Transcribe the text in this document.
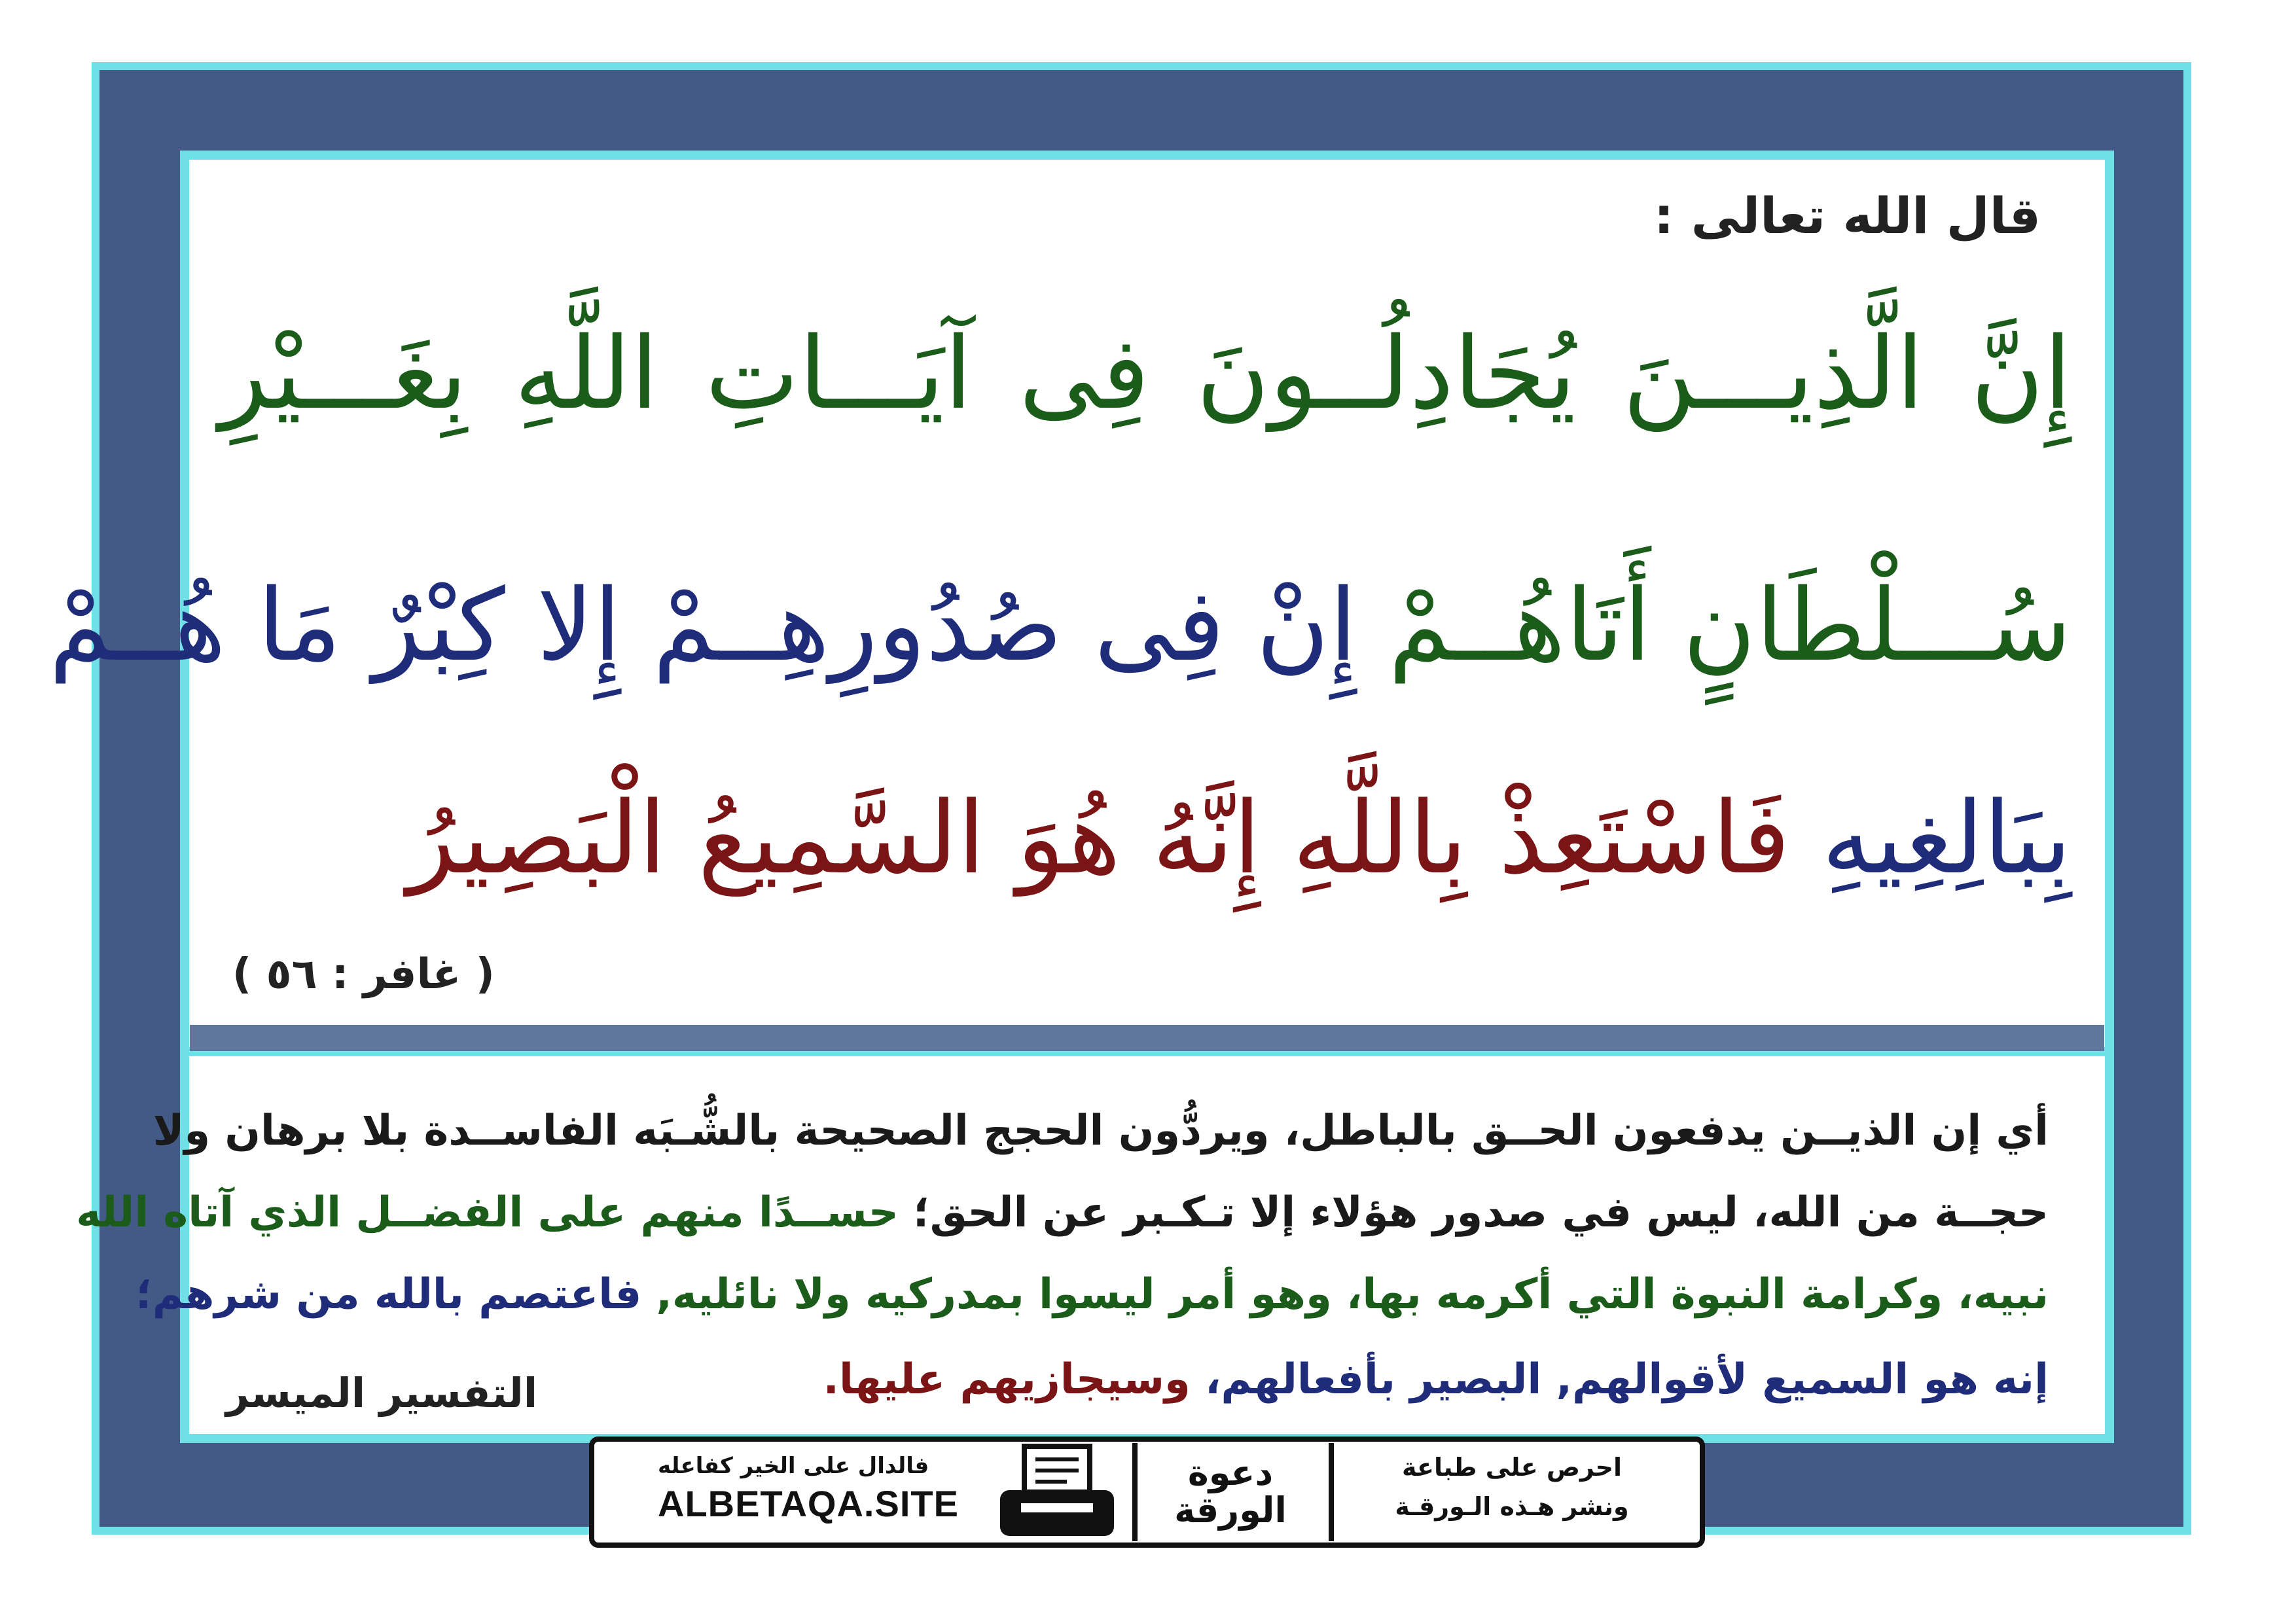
قال الله تعالى :
إِنَّ الَّذِيـــنَ يُجَادِلُــونَ فِى آيَـــاتِ اللَّهِ بِغَـــيْرِ
سُـــلْطَانٍ أَتَاهُــمْ إِنْ فِى صُدُورِهِــمْ إِلا كِبْرٌ مَا هُــمْ
بِبَالِغِيهِ فَاسْتَعِذْ بِاللَّهِ إِنَّهُ هُوَ السَّمِيعُ الْبَصِيرُ
( غافر : ٥٦ )
أي إن الذيــن يدفعون الحــق بالباطل، ويردُّون الحجج الصحيحة بالشُّـبَه الفاســدة بلا برهان ولا
حجــة من الله، ليس في صدور هؤلاء إلا تـكـبر عن الحق؛ حســدًا منهم على الفضــل الذي آتاه الله
نبيه، وكرامة النبوة التي أكرمه بها، وهو أمر ليسوا بمدركيه ولا نائليه, فاعتصم بالله من شرهم؛
إنه هو السميع لأقوالهم, البصير بأفعالهم، وسيجازيهم عليها.
التفسير الميسر
فالدال على الخير كفاعله
ALBETAQA.SITE
دعوة
الورقة
احرص على طباعة
ونشر هـذه الـورقـة
